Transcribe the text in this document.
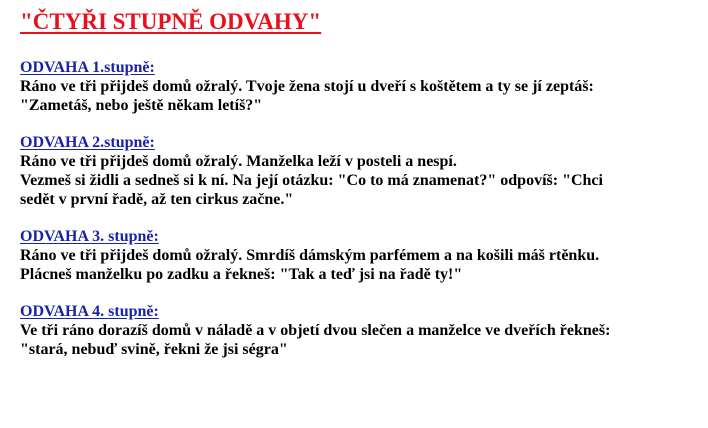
"ČTYŘI STUPNĚ ODVAHY"
ODVAHA 1.stupně:
Ráno ve tři přijdeš domů ožralý. Tvoje žena stojí u dveří s koštětem a ty se jí zeptáš:
"Zametáš, nebo ještě někam letíš?"
ODVAHA 2.stupně:
Ráno ve tři přijdeš domů ožralý. Manželka leží v posteli a nespí.
Vezmeš si židli a sedneš si k ní. Na její otázku: "Co to má znamenat?" odpovíš: "Chci
sedět v první řadě, až ten cirkus začne."
ODVAHA 3. stupně:
Ráno ve tři přijdeš domů ožralý. Smrdíš dámským parfémem a na košili máš rtěnku.
Plácneš manželku po zadku a řekneš: "Tak a teď jsi na řadě ty!"
ODVAHA 4. stupně:
Ve tři ráno dorazíš domů v náladě a v objetí dvou slečen a manželce ve dveřích řekneš:
"stará, nebuď svině, řekni že jsi ségra"
